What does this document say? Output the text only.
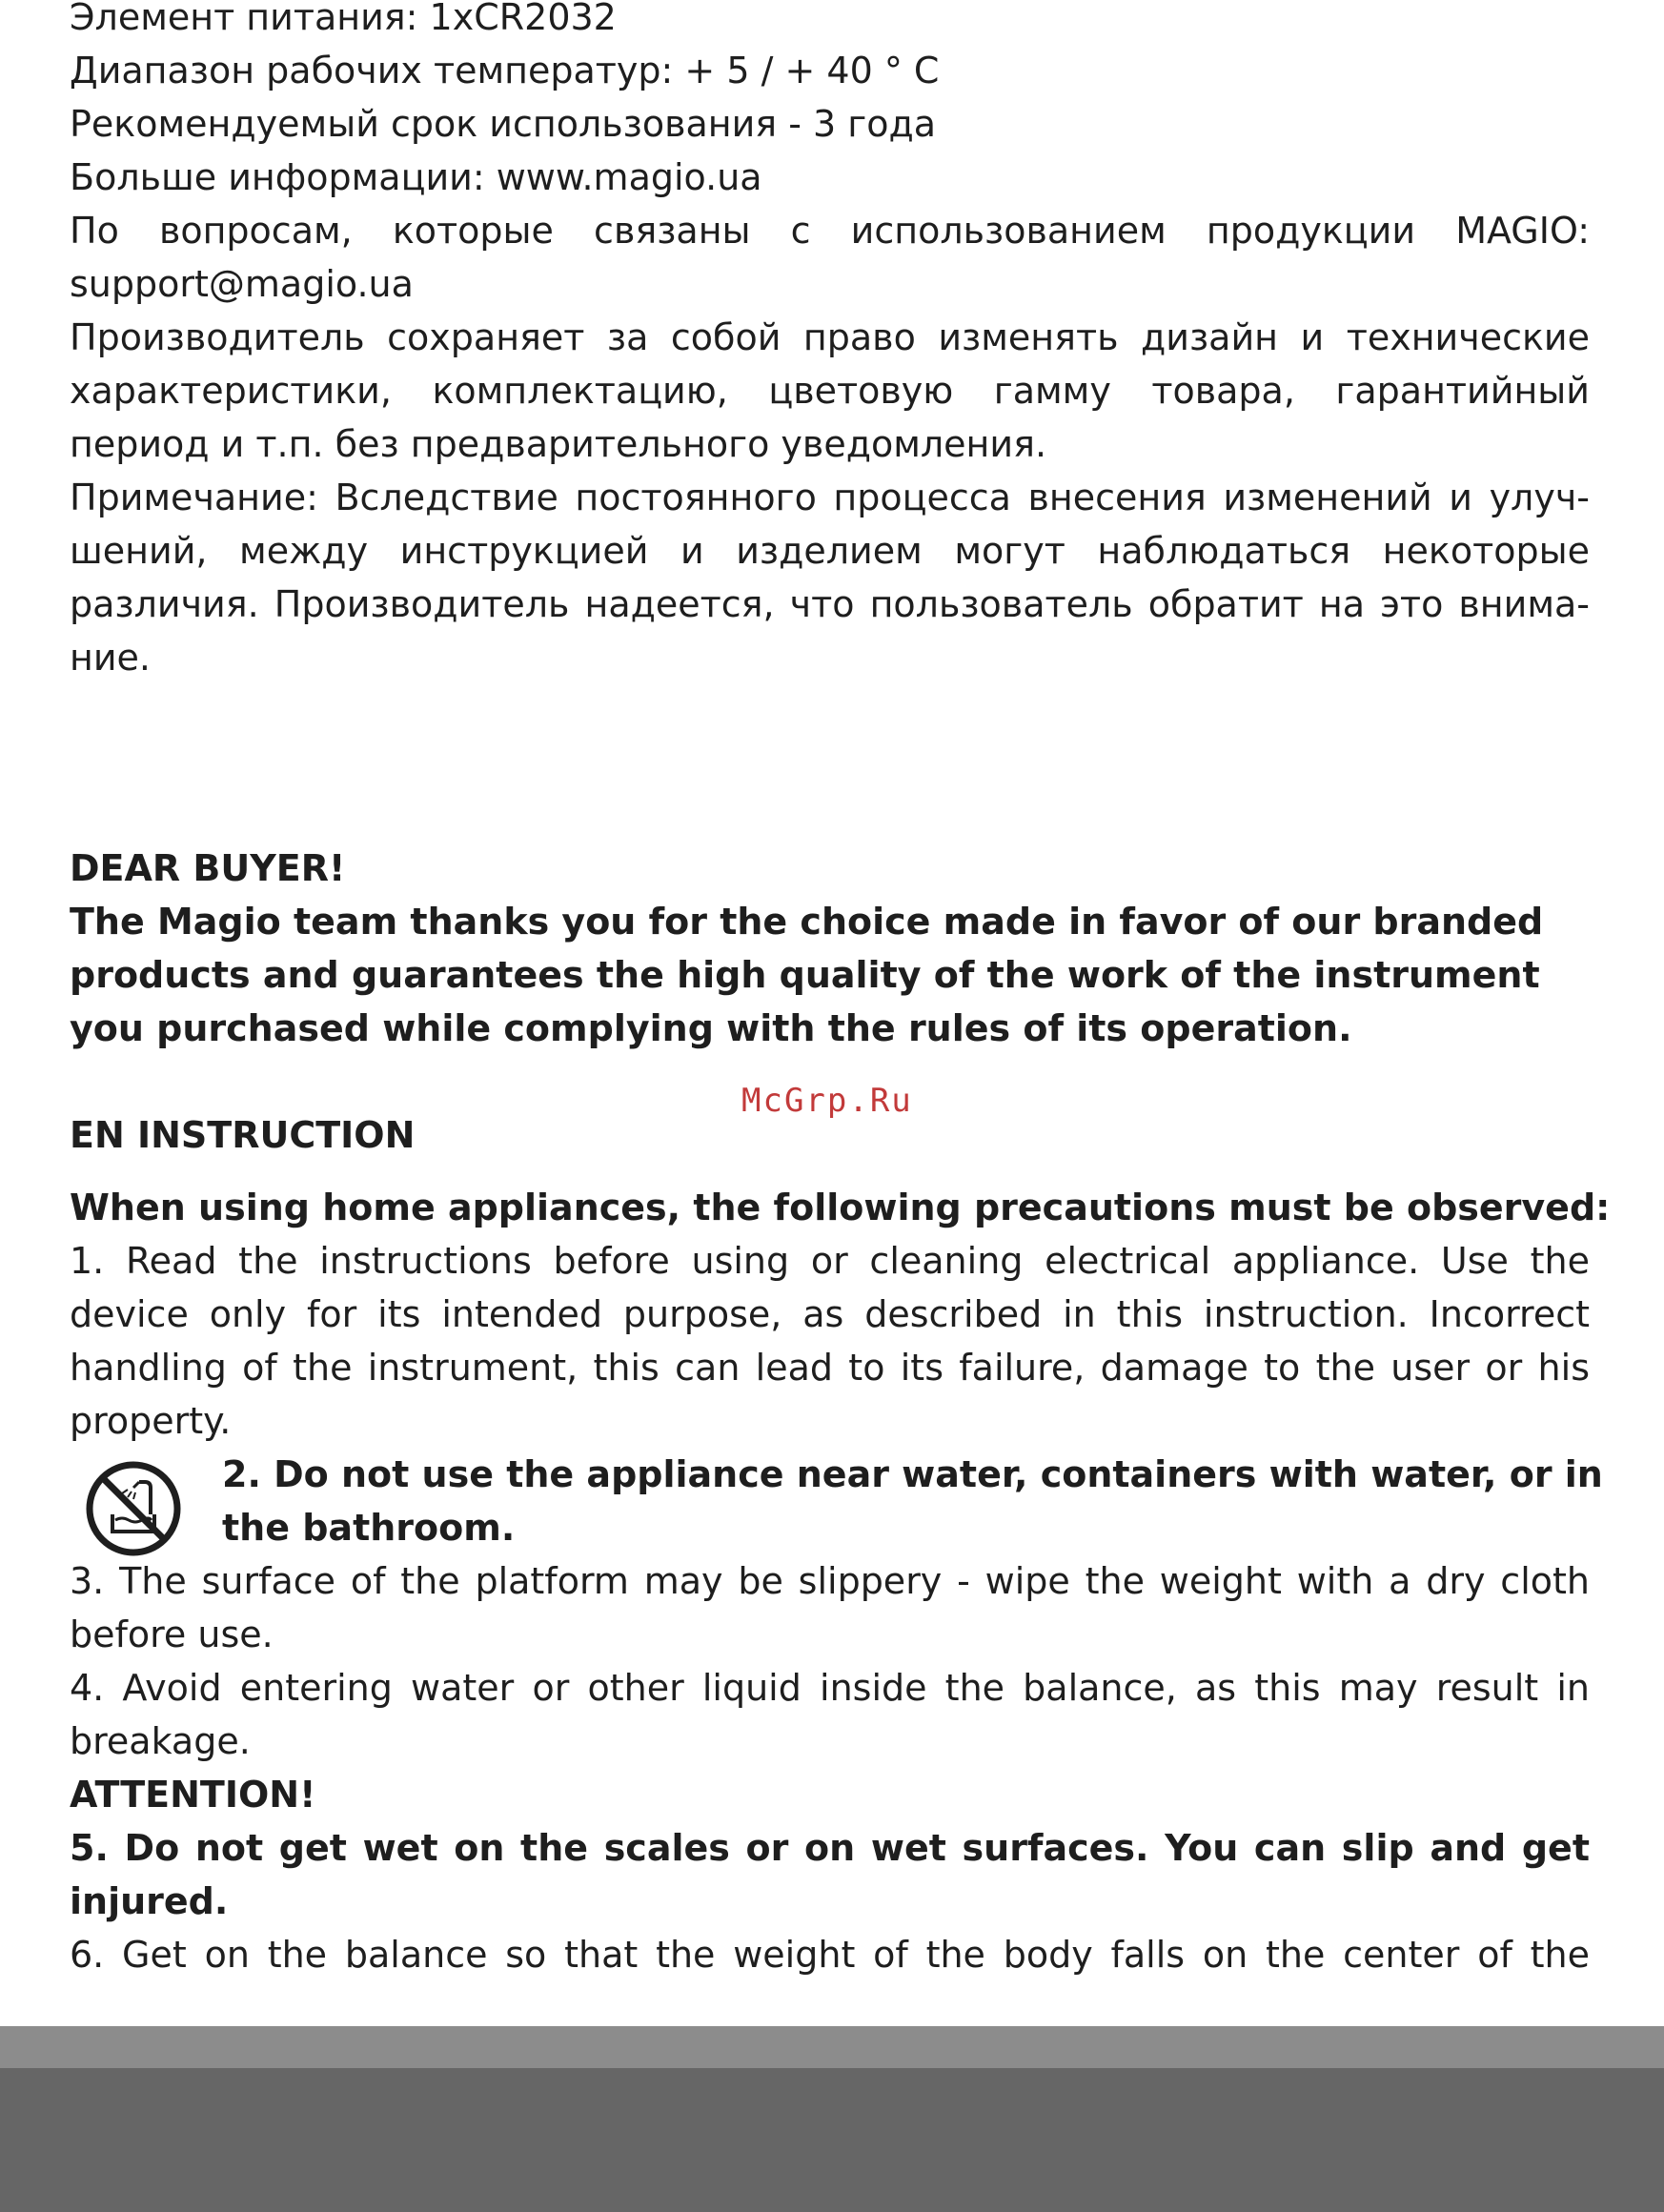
Элемент питания: 1xCR2032
Диапазон рабочих температур: + 5 / + 40 ° C
Рекомендуемый срок использования - 3 года
Больше информации: www.magio.ua
По вопросам, которые связаны с использованием продукции MAGIO:
support@magio.ua
Производитель сохраняет за собой право изменять дизайн и технические
характеристики, комплектацию, цветовую гамму товара, гарантийный
период и т.п. без предварительного уведомления.
Примечание: Вследствие постоянного процесса внесения изменений и улуч-
шений, между инструкцией и изделием могут наблюдаться некоторые
различия. Производитель надеется, что пользователь обратит на это внима-
ние.
DEAR BUYER!
The Magio team thanks you for the choice made in favor of our branded
products and guarantees the high quality of the work of the instrument
you purchased while complying with the rules of its operation.
EN INSTRUCTION
When using home appliances, the following precautions must be observed:
1. Read the instructions before using or cleaning electrical appliance. Use the
device only for its intended purpose, as described in this instruction. Incorrect
handling of the instrument, this can lead to its failure, damage to the user or his
property.
2. Do not use the appliance near water, containers with water, or in
the bathroom.
3. The surface of the platform may be slippery - wipe the weight with a dry cloth
before use.
4. Avoid entering water or other liquid inside the balance, as this may result in
breakage.
ATTENTION!
5. Do not get wet on the scales or on wet surfaces. You can slip and get
injured.
6. Get on the balance so that the weight of the body falls on the center of the
McGrp.Ru
